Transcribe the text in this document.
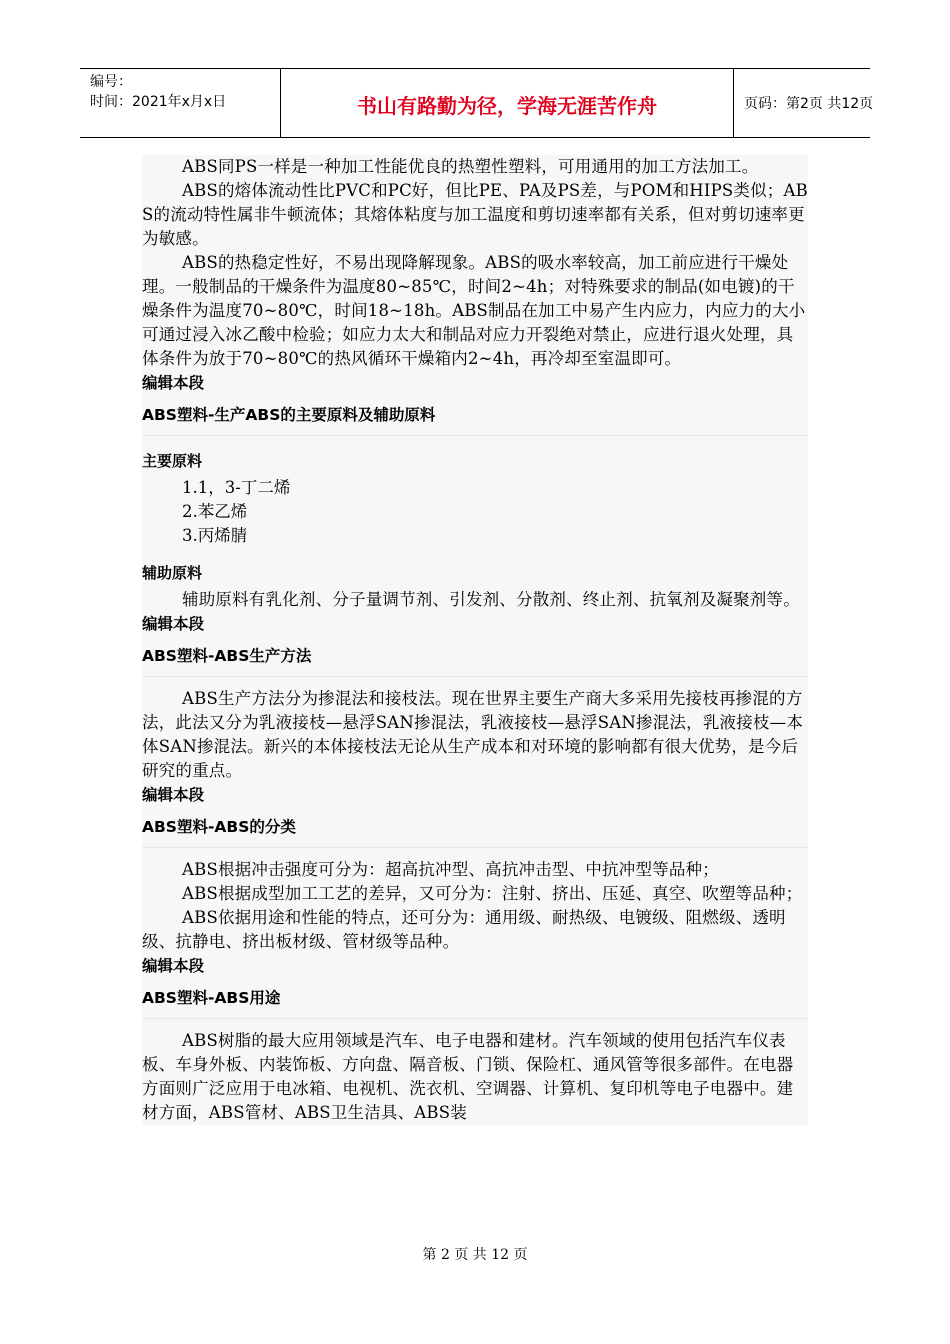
编号：
时间：2021年x月x日	书山有路勤为径，学海无涯苦作舟	页码：第2页 共12页

ABS同PS一样是一种加工性能优良的热塑性塑料，可用通用的加工方法加工。

ABS的熔体流动性比PVC和PC好，但比PE、PA及PS差，与POM和HIPS类似；ABS的流动特性属非牛顿流体；其熔体粘度与加工温度和剪切速率都有关系，但对剪切速率更为敏感。

ABS的热稳定性好，不易出现降解现象。ABS的吸水率较高，加工前应进行干燥处理。一般制品的干燥条件为温度80~85℃，时间2~4h；对特殊要求的制品(如电镀)的干燥条件为温度70~80℃，时间18~18h。ABS制品在加工中易产生内应力，内应力的大小可通过浸入冰乙酸中检验；如应力太大和制品对应力开裂绝对禁止，应进行退火处理，具体条件为放于70~80℃的热风循环干燥箱内2~4h，再冷却至室温即可。

编辑本段

ABS塑料-生产ABS的主要原料及辅助原料
主要原料

1.1，3-丁二烯

2.苯乙烯

3.丙烯腈

辅助原料

辅助原料有乳化剂、分子量调节剂、引发剂、分散剂、终止剂、抗氧剂及凝聚剂等。

编辑本段

ABS塑料-ABS生产方法

ABS生产方法分为掺混法和接枝法。现在世界主要生产商大多采用先接枝再掺混的方法，此法又分为乳液接枝—悬浮SAN掺混法，乳液接枝—悬浮SAN掺混法，乳液接枝—本体SAN掺混法。新兴的本体接枝法无论从生产成本和对环境的影响都有很大优势，是今后研究的重点。

编辑本段

ABS塑料-ABS的分类

ABS根据冲击强度可分为：超高抗冲型、高抗冲击型、中抗冲型等品种；

ABS根据成型加工工艺的差异，又可分为：注射、挤出、压延、真空、吹塑等品种；

ABS依据用途和性能的特点，还可分为：通用级、耐热级、电镀级、阻燃级、透明级、抗静电、挤出板材级、管材级等品种。

编辑本段

ABS塑料-ABS用途

ABS树脂的最大应用领域是汽车、电子电器和建材。汽车领域的使用包括汽车仪表板、车身外板、内装饰板、方向盘、隔音板、门锁、保险杠、通风管等很多部件。在电器方面则广泛应用于电冰箱、电视机、洗衣机、空调器、计算机、复印机等电子电器中。建材方面，ABS管材、ABS卫生洁具、ABS装

第 2 页 共 12 页
